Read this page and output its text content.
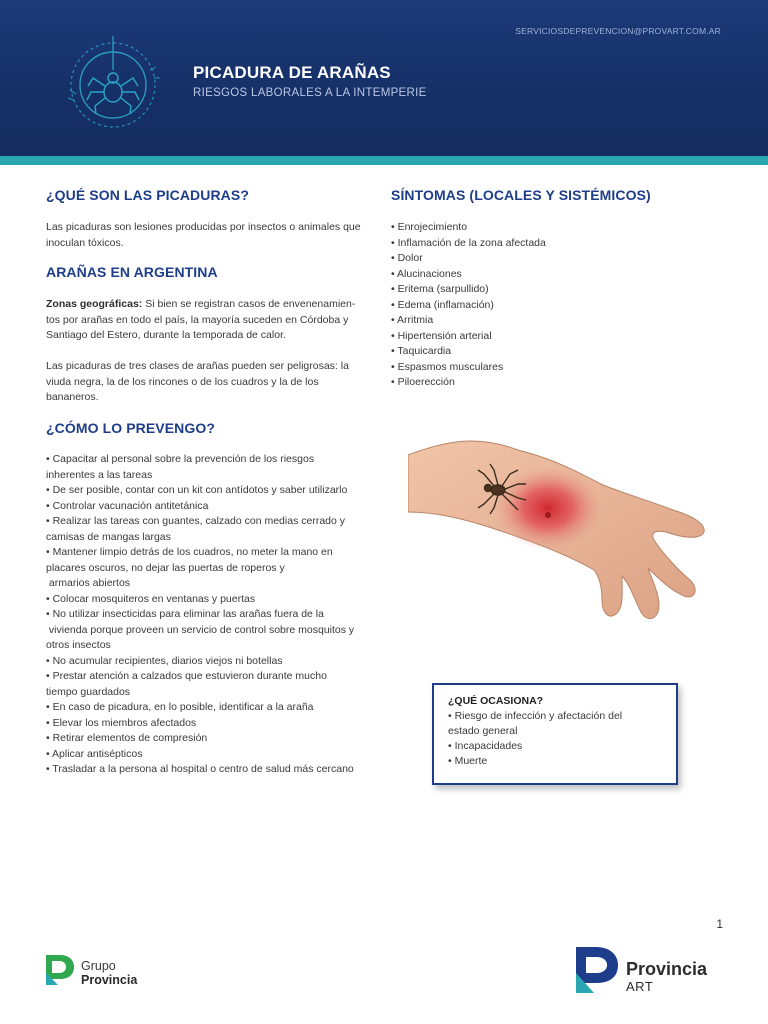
SERVICIOSDEPREVENCION@PROVART.COM.AR
PICADURA DE ARAÑAS
RIESGOS LABORALES A LA INTEMPERIE
¿QUÉ SON LAS PICADURAS?
Las picaduras son lesiones producidas por insectos o animales que
inoculan tóxicos.
ARAÑAS EN ARGENTINA
Zonas geográficas: Si bien se registran casos de envenenamien-
tos por arañas en todo el país, la mayoría suceden en Córdoba y
Santiago del Estero, durante la temporada de calor.
Las picaduras de tres clases de arañas pueden ser peligrosas: la
viuda negra, la de los rincones o de los cuadros y la de los
bananeros.
¿CÓMO LO PREVENGO?
• Capacitar al personal sobre la prevención de los riesgos
inherentes a las tareas
• De ser posible, contar con un kit con antídotos y saber utilizarlo
• Controlar vacunación antitetánica
• Realizar las tareas con guantes, calzado con medias cerrado y
camisas de mangas largas
• Mantener limpio detrás de los cuadros, no meter la mano en
placares oscuros, no dejar las puertas de roperos y
armarios abiertos
• Colocar mosquiteros en ventanas y puertas
• No utilizar insecticidas para eliminar las arañas fuera de la
vivienda porque proveen un servicio de control sobre mosquitos y
otros insectos
• No acumular recipientes, diarios viejos ni botellas
• Prestar atención a calzados que estuvieron durante mucho
tiempo guardados
• En caso de picadura, en lo posible, identificar a la araña
• Elevar los miembros afectados
• Retirar elementos de compresión
• Aplicar antisépticos
• Trasladar a la persona al hospital o centro de salud más cercano
SÍNTOMAS (LOCALES Y SISTÉMICOS)
• Enrojecimiento
• Inflamación de la zona afectada
• Dolor
• Alucinaciones
• Eritema (sarpullido)
• Edema (inflamación)
• Arritmia
• Hipertensión arterial
• Taquicardia
• Espasmos musculares
• Piloerección
¿QUÉ OCASIONA?
• Riesgo de infección y afectación del
estado general
• Incapacidades
• Muerte
1
Grupo
Provincia
Provincia
ART
